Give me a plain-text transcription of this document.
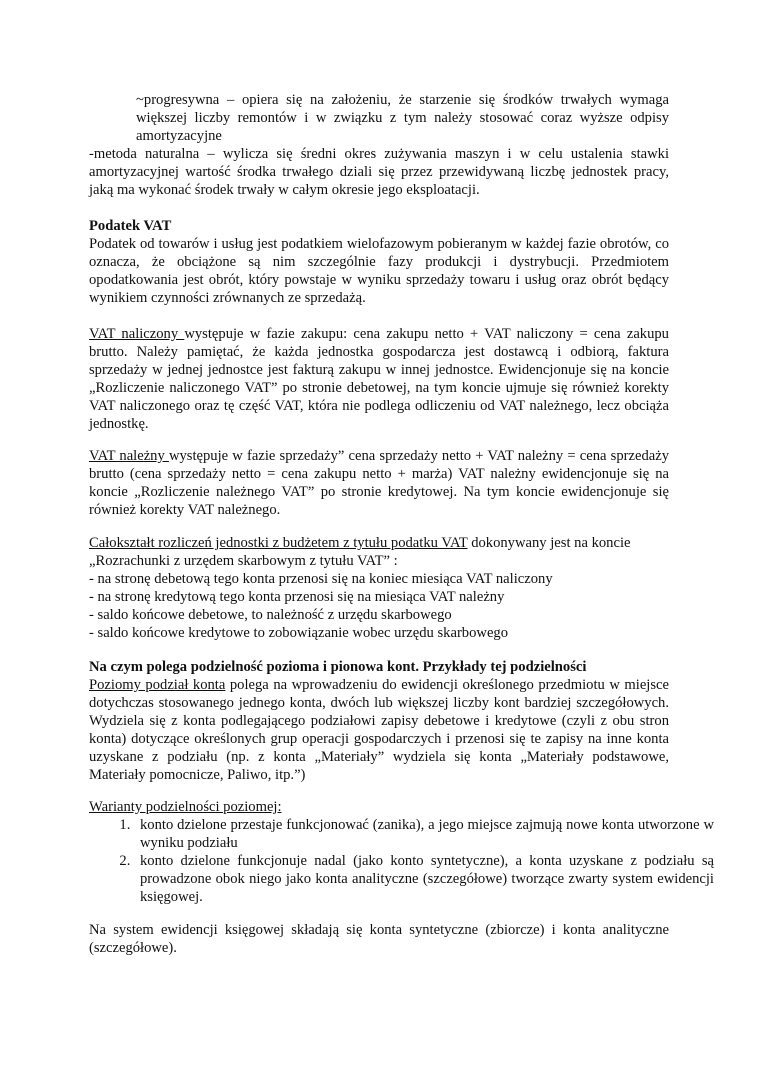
~progresywna – opiera się na założeniu, że starzenie się środków trwałych wymaga większej liczby remontów i w związku z tym należy stosować coraz wyższe odpisy amortyzacyjne

-metoda naturalna – wylicza się średni okres zużywania maszyn i w celu ustalenia stawki amortyzacyjnej wartość środka trwałego dziali się przez przewidywaną liczbę jednostek pracy, jaką ma wykonać środek trwały w całym okresie jego eksploatacji.

Podatek VAT

Podatek od towarów i usług jest podatkiem wielofazowym pobieranym w każdej fazie obrotów, co oznacza, że obciążone są nim szczególnie fazy produkcji i dystrybucji. Przedmiotem opodatkowania jest obrót, który powstaje w wyniku sprzedaży towaru i usług oraz obrót będący wynikiem czynności zrównanych ze sprzedażą.

VAT naliczony występuje w fazie zakupu: cena zakupu netto + VAT naliczony = cena zakupu brutto. Należy pamiętać, że każda jednostka gospodarcza jest dostawcą i odbiorą, faktura sprzedaży w jednej jednostce jest fakturą zakupu w innej jednostce. Ewidencjonuje się na koncie „Rozliczenie naliczonego VAT” po stronie debetowej, na tym koncie ujmuje się również korekty VAT naliczonego oraz tę część VAT, która nie podlega odliczeniu od VAT należnego, lecz obciąża jednostkę.

VAT należny występuje w fazie sprzedaży” cena sprzedaży netto + VAT należny = cena sprzedaży brutto (cena sprzedaży netto = cena zakupu netto + marża) VAT należny ewidencjonuje się na koncie „Rozliczenie należnego VAT” po stronie kredytowej. Na tym koncie ewidencjonuje się również korekty VAT należnego.

Całokształt rozliczeń jednostki z budżetem z tytułu podatku VAT dokonywany jest na koncie „Rozrachunki z urzędem skarbowym z tytułu VAT” :

- na stronę debetową tego konta przenosi się na koniec miesiąca VAT naliczony

- na stronę kredytową tego konta przenosi się na miesiąca VAT należny

- saldo końcowe debetowe, to należność z urzędu skarbowego

- saldo końcowe kredytowe to zobowiązanie wobec urzędu skarbowego

Na czym polega podzielność pozioma i pionowa kont. Przykłady tej podzielności

Poziomy podział konta polega na wprowadzeniu do ewidencji określonego przedmiotu w miejsce dotychczas stosowanego jednego konta, dwóch lub większej liczby kont bardziej szczegółowych. Wydziela się z konta podlegającego podziałowi zapisy debetowe i kredytowe (czyli z obu stron konta) dotyczące określonych grup operacji gospodarczych i przenosi się te zapisy na inne konta uzyskane z podziału (np. z konta „Materiały” wydziela się konta „Materiały podstawowe, Materiały pomocnicze, Paliwo, itp.”)

Warianty podzielności poziomej:

1. konto dzielone przestaje funkcjonować (zanika), a jego miejsce zajmują nowe konta utworzone w wyniku podziału
2. konto dzielone funkcjonuje nadal (jako konto syntetyczne), a konta uzyskane z podziału są prowadzone obok niego jako konta analityczne (szczegółowe) tworzące zwarty system ewidencji księgowej.

Na system ewidencji księgowej składają się konta syntetyczne (zbiorcze) i konta analityczne (szczegółowe).
